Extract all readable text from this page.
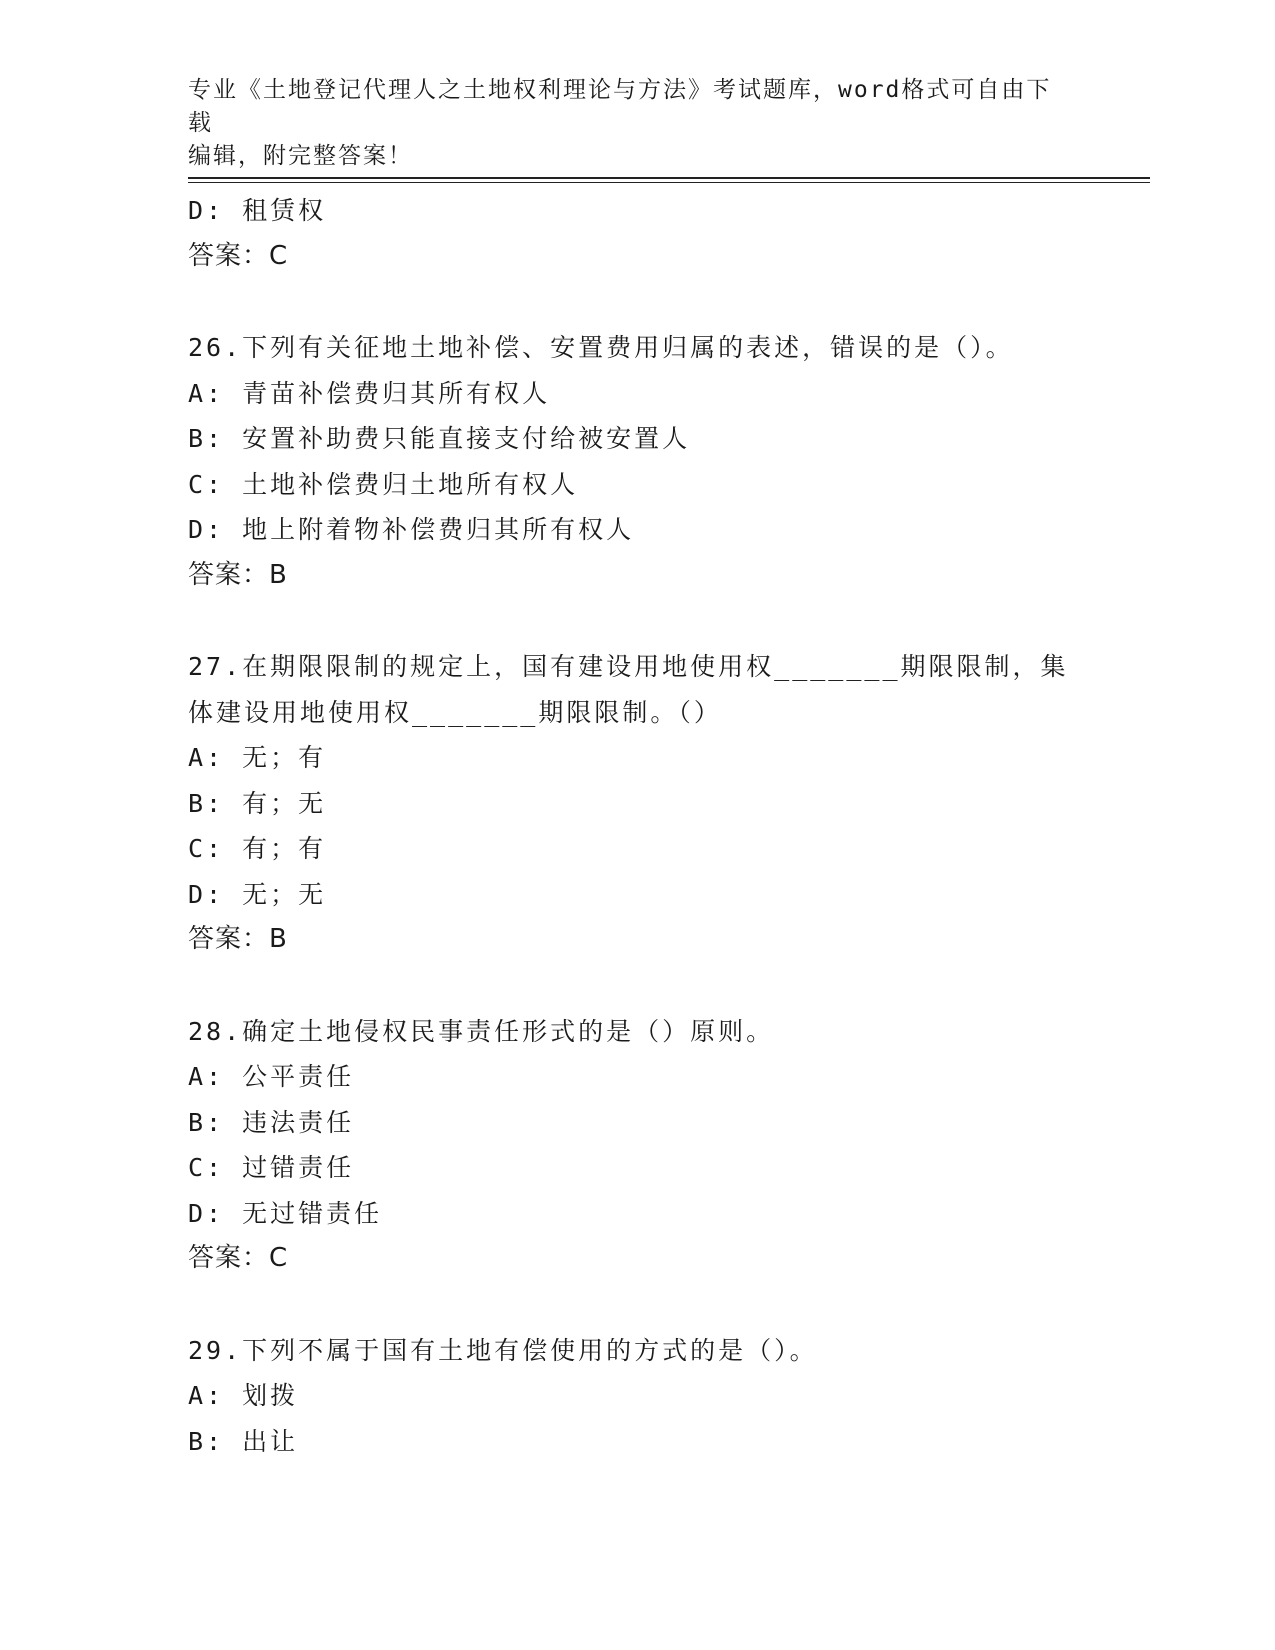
专业《土地登记代理人之土地权利理论与方法》考试题库，word格式可自由下载
编辑，附完整答案！
D: 租赁权
答案：C
26.下列有关征地土地补偿、安置费用归属的表述，错误的是（）。
A: 青苗补偿费归其所有权人
B: 安置补助费只能直接支付给被安置人
C: 土地补偿费归土地所有权人
D: 地上附着物补偿费归其所有权人
答案：B
27.在期限限制的规定上，国有建设用地使用权_______期限限制，集
体建设用地使用权_______期限限制。（）
A: 无；有
B: 有；无
C: 有；有
D: 无；无
答案：B
28.确定土地侵权民事责任形式的是（）原则。
A: 公平责任
B: 违法责任
C: 过错责任
D: 无过错责任
答案：C
29.下列不属于国有土地有偿使用的方式的是（）。
A: 划拨
B: 出让
